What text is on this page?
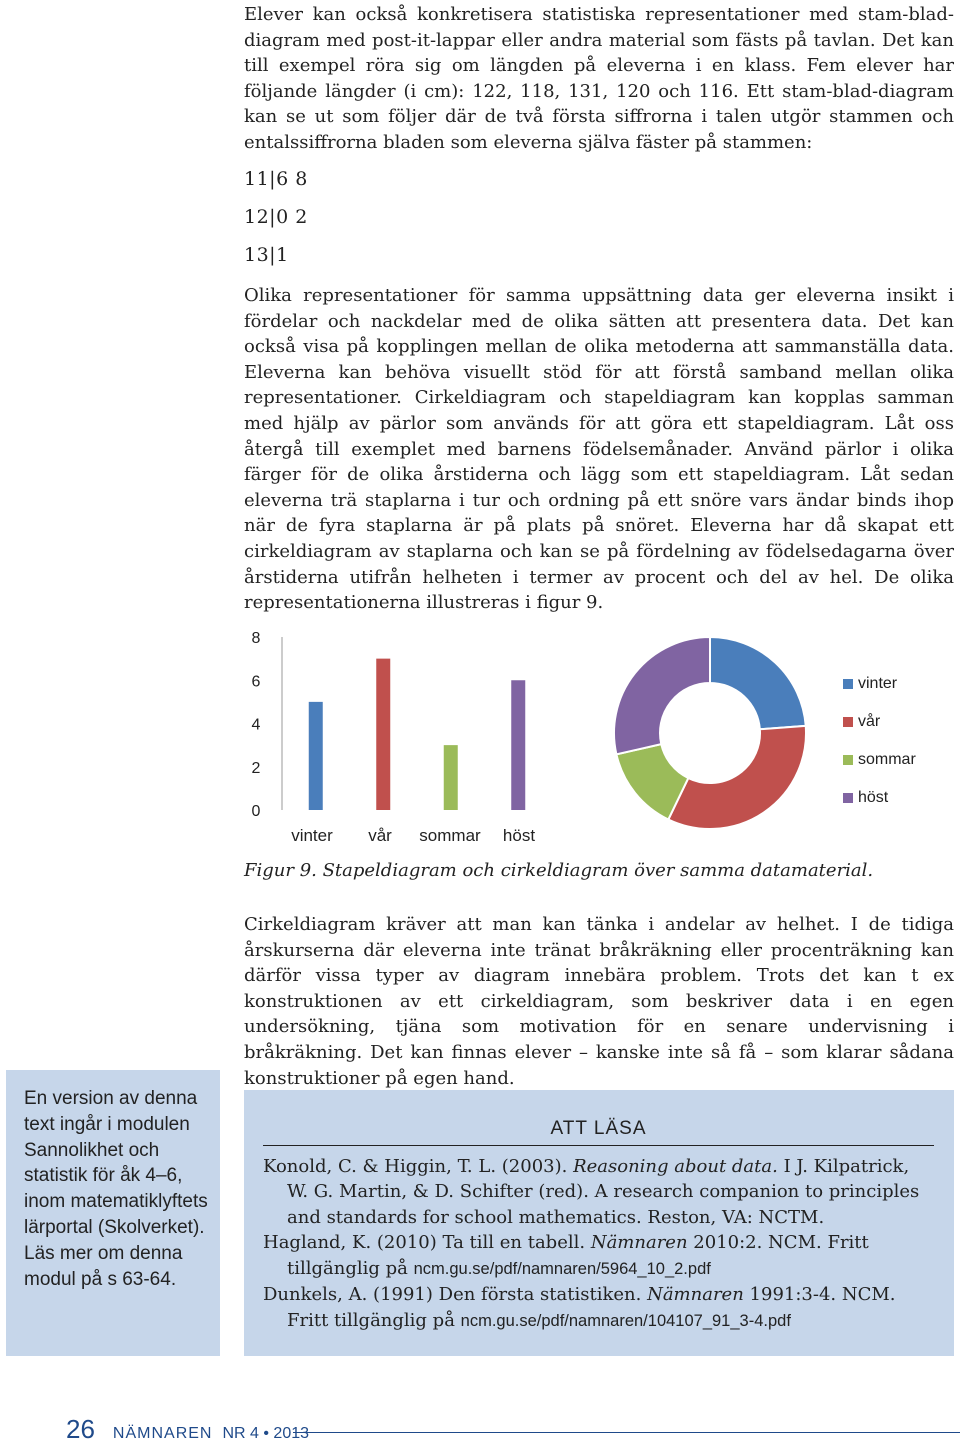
Elever kan också konkretisera statistiska representationer med stam-blad-diagram med post-it-lappar eller andra material som fästs på tavlan. Det kan till exempel röra sig om längden på eleverna i en klass. Fem elever har följande längder (i cm): 122, 118, 131, 120 och 116. Ett stam-blad-diagram kan se ut som följer där de två första siffrorna i talen utgör stammen och entalssiffrorna bladen som eleverna själva fäster på stammen:

11|6 8
12|0 2
13|1

Olika representationer för samma uppsättning data ger eleverna insikt i fördelar och nackdelar med de olika sätten att presentera data. Det kan också visa på kopplingen mellan de olika metoderna att sammanställa data. Eleverna kan behöva visuellt stöd för att förstå samband mellan olika representationer. Cirkeldiagram och stapeldiagram kan kopplas samman med hjälp av pärlor som används för att göra ett stapeldiagram. Låt oss återgå till exemplet med barnens födelsemånader. Använd pärlor i olika färger för de olika årstiderna och lägg som ett stapeldiagram. Låt sedan eleverna trä staplarna i tur och ordning på ett snöre vars ändar binds ihop när de fyra staplarna är på plats på snöret. Eleverna har då skapat ett cirkeldiagram av staplarna och kan se på fördelning av födelsedagarna över årstiderna utifrån helheten i termer av procent och del av hel. De olika representationerna illustreras i figur 9.

0
2
4
6
8
vinter vår sommar höst
vinter
vår
sommar
höst
Figur 9. Stapeldiagram och cirkeldiagram över samma datamaterial.

Cirkeldiagram kräver att man kan tänka i andelar av helhet. I de tidiga årskurserna där eleverna inte tränat bråkräkning eller procenträkning kan därför vissa typer av diagram innebära problem. Trots det kan t ex konstruktionen av ett cirkeldiagram, som beskriver data i en egen undersökning, tjäna som motivation för en senare undervisning i bråkräkning. Det kan finnas elever – kanske inte så få – som klarar sådana konstruktioner på egen hand.

En version av denna text ingår i modulen Sannolikhet och statistik för åk 4–6, inom matematiklyftets lärportal (Skolverket). Läs mer om denna modul på s 63-64.
ATT LÄSA
Konold, C. & Higgin, T. L. (2003). Reasoning about data. I J. Kilpatrick, W. G. Martin, & D. Schifter (red). A research companion to principles and standards for school mathematics. Reston, VA: NCTM.
Hagland, K. (2010) Ta till en tabell. Nämnaren 2010:2. NCM. Fritt tillgänglig på ncm.gu.se/pdf/namnaren/5964_10_2.pdf
Dunkels, A. (1991) Den första statistiken. Nämnaren 1991:3-4. NCM. Fritt tillgänglig på ncm.gu.se/pdf/namnaren/104107_91_3-4.pdf
26 NÄMNAREN NR 4 • 2013
